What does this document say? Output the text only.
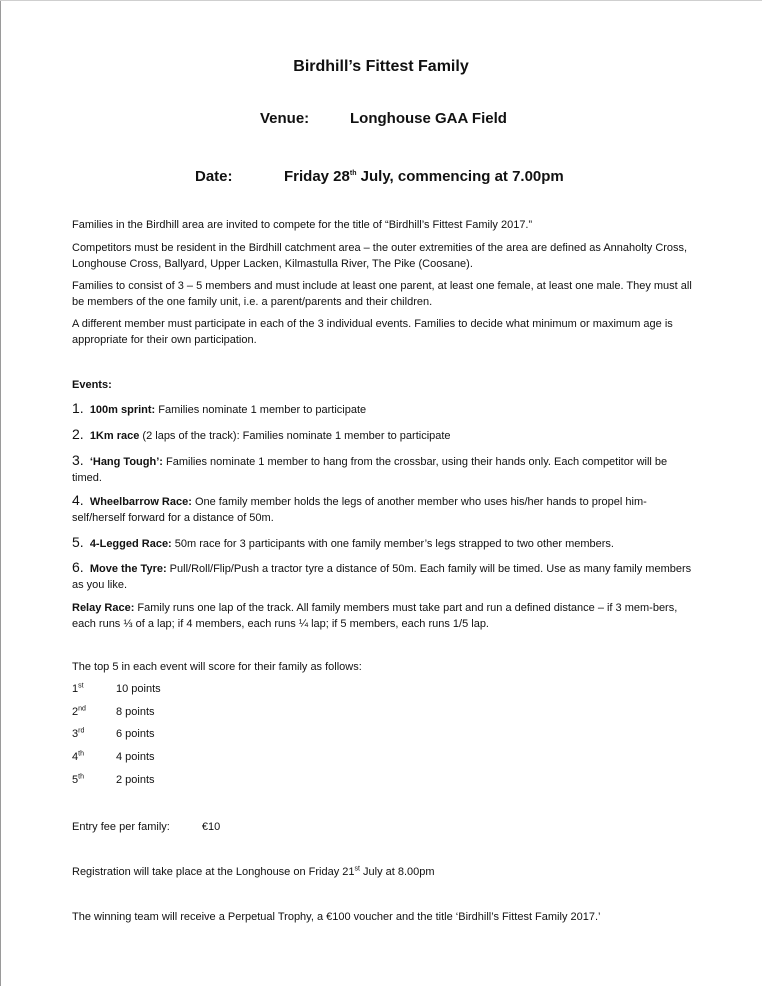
Birdhill’s Fittest Family
Venue:	Longhouse GAA Field
Date:	Friday 28th July, commencing at 7.00pm
Families in the Birdhill area are invited to compete for the title of “Birdhill’s Fittest Family 2017.”
Competitors must be resident in the Birdhill catchment area – the outer extremities of the area are defined as Annaholty Cross, Longhouse Cross, Ballyard, Upper Lacken, Kilmastulla River, The Pike (Coosane).
Families to consist of 3 – 5 members and must include at least one parent, at least one female, at least one male. They must all be members of the one family unit, i.e. a parent/parents and their children.
A different member must participate in each of the 3 individual events. Families to decide what minimum or maximum age is appropriate for their own participation.
Events:
1. 100m sprint: Families nominate 1 member to participate
2. 1Km race (2 laps of the track): Families nominate 1 member to participate
3. ‘Hang Tough’: Families nominate 1 member to hang from the crossbar, using their hands only. Each competitor will be timed.
4. Wheelbarrow Race: One family member holds the legs of another member who uses his/her hands to propel him-self/herself forward for a distance of 50m.
5. 4-Legged Race: 50m race for 3 participants with one family member’s legs strapped to two other members.
6. Move the Tyre: Pull/Roll/Flip/Push a tractor tyre a distance of 50m. Each family will be timed. Use as many family members as you like.
Relay Race: Family runs one lap of the track. All family members must take part and run a defined distance – if 3 mem-bers, each runs ⅓ of a lap; if 4 members, each runs ¼ lap; if 5 members, each runs 1/5 lap.
The top 5 in each event will score for their family as follows:
1st	10 points
2nd	8 points
3rd	6 points
4th	4 points
5th	2 points
Entry fee per family:	€10
Registration will take place at the Longhouse on Friday 21st July at 8.00pm
The winning team will receive a Perpetual Trophy, a €100 voucher and the title ‘Birdhill’s Fittest Family 2017.’
